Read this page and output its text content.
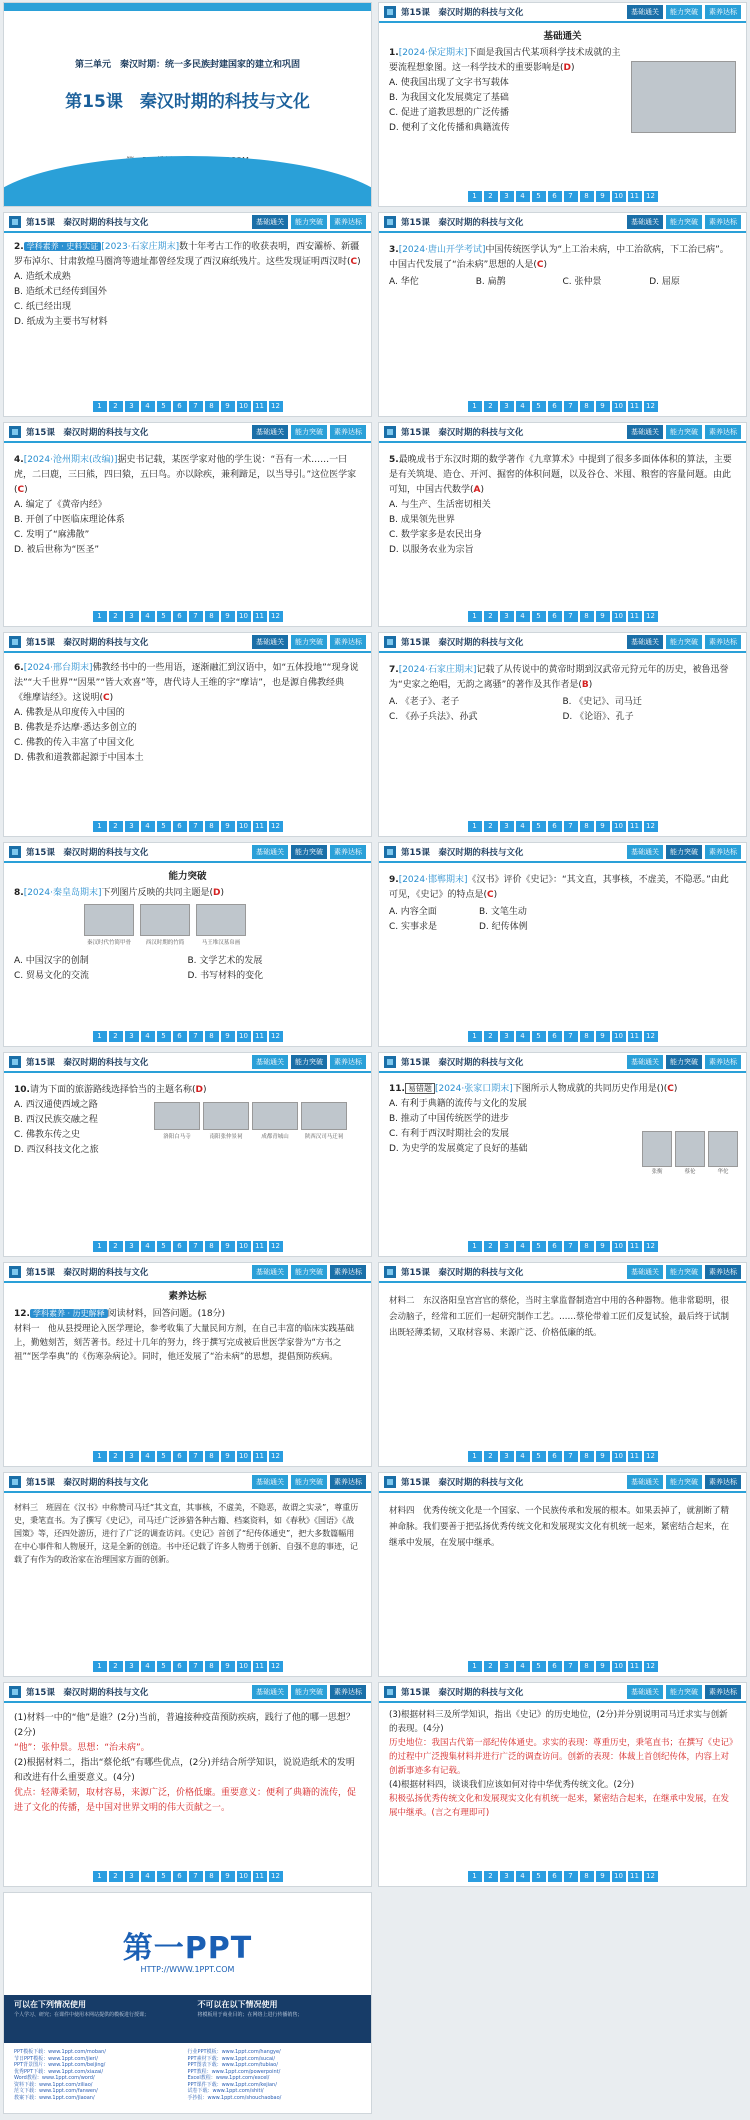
第三单元　秦汉时期：统一多民族封建国家的建立和巩固
第15课　秦汉时期的科技与文化
第15课　秦汉时期的科技与文化	基础通关	能力突破	素养达标
基础通关

1.[2024·保定期末]下面是我国古代某项科学技术成就的主要流程想象图。这一科学技术的重要影响是(D)

A. 使我国出现了文字书写载体

B. 为我国文化发展奠定了基础

C. 促进了道教思想的广泛传播

D. 便利了文化传播和典籍流传

1	2	3	4	5	6	7	8	9	10	11	12
第15课　秦汉时期的科技与文化	基础通关	能力突破	素养达标

2. 学科素养 · 史料实证 [2023·石家庄期末]数十年考古工作的收获表明，西安灞桥、新疆罗布淖尔、甘肃敦煌马圈湾等遗址都曾经发现了西汉麻纸残片。这些发现证明西汉时(C)

A. 造纸术成熟

B. 造纸术已经传到国外

C. 纸已经出现

D. 纸成为主要书写材料

1	2	3	4	5	6	7	8	9	10	11	12
第15课　秦汉时期的科技与文化	基础通关	能力突破	素养达标

3.[2024·唐山开学考试]中国传统医学认为“上工治未病，中工治欲病，下工治已病”。中国古代发展了“治未病”思想的人是(C)

A. 华佗	B. 扁鹊	C. 张仲景	D. 屈原
1	2	3	4	5	6	7	8	9	10	11	12
第15课　秦汉时期的科技与文化	基础通关	能力突破	素养达标

4.[2024·沧州期末(改编)]据史书记载，某医学家对他的学生说：“吾有一术……一曰虎，二曰鹿，三曰熊，四曰猿，五曰鸟。亦以除疾，兼利蹄足，以当导引。”这位医学家(C)

A. 编定了《黄帝内经》

B. 开创了中医临床理论体系

C. 发明了“麻沸散”

D. 被后世称为“医圣”

1	2	3	4	5	6	7	8	9	10	11	12
第15课　秦汉时期的科技与文化	基础通关	能力突破	素养达标

5.最晚成书于东汉时期的数学著作《九章算术》中提到了很多多面体体积的算法，主要是有关筑堤、造仓、开河、掘窖的体积问题，以及谷仓、米囤、粮窖的容量问题。由此可知，中国古代数学(A)

A. 与生产、生活密切相关

B. 成果领先世界

C. 数学家多是农民出身

D. 以服务农业为宗旨

1	2	3	4	5	6	7	8	9	10	11	12
第15课　秦汉时期的科技与文化	基础通关	能力突破	素养达标

6.[2024·邢台期末]佛教经书中的一些用语，逐渐融汇到汉语中，如“五体投地”“现身说法”“大千世界”“因果”“皆大欢喜”等，唐代诗人王维的字“摩诘”，也是源自佛教经典《维摩诘经》。这说明(C)

A. 佛教是从印度传入中国的

B. 佛教是乔达摩·悉达多创立的

C. 佛教的传入丰富了中国文化

D. 佛教和道教都起源于中国本土

1	2	3	4	5	6	7	8	9	10	11	12
第15课　秦汉时期的科技与文化	基础通关	能力突破	素养达标

7.[2024·石家庄期末]记载了从传说中的黄帝时期到汉武帝元狩元年的历史，被鲁迅誉为“史家之绝唱，无韵之离骚”的著作及其作者是(B)

A. 《老子》、老子	B. 《史记》、司马迁
C. 《孙子兵法》、孙武	D. 《论语》、孔子
1	2	3	4	5	6	7	8	9	10	11	12
第15课　秦汉时期的科技与文化	基础通关	能力突破	素养达标
能力突破

8.[2024·秦皇岛期末]下列图片反映的共同主题是(D)

秦汉时代竹简甲骨	西汉时期的竹简	马王堆汉墓帛画
A. 中国汉字的创制	B. 文学艺术的发展
C. 贸易文化的交流	D. 书写材料的变化
1	2	3	4	5	6	7	8	9	10	11	12
第15课　秦汉时期的科技与文化	基础通关	能力突破	素养达标

9.[2024·邯郸期末]《汉书》评价《史记》：“其文直，其事核，不虚美，不隐恶。”由此可见，《史记》的特点是(C)

A. 内容全面	B. 文笔生动
C. 实事求是	D. 纪传体例
1	2	3	4	5	6	7	8	9	10	11	12
第15课　秦汉时期的科技与文化	基础通关	能力突破	素养达标

10.请为下面的旅游路线选择恰当的主题名称(D)

A. 西汉通使西域之路

B. 西汉民族交融之程

C. 佛教东传之史

D. 西汉科技文化之旅

洛阳白马寺	南阳张仲景祠	成都青城山	陕西汉司马迁祠
1	2	3	4	5	6	7	8	9	10	11	12
第15课　秦汉时期的科技与文化	基础通关	能力突破	素养达标

11. 易错题 [2024·张家口期末]下图所示人物成就的共同历史作用是()(C)

A. 有利于典籍的流传与文化的发展

B. 推动了中国传统医学的进步

C. 有利于西汉时期社会的发展

D. 为史学的发展奠定了良好的基础

张衡	蔡伦	华佗
1	2	3	4	5	6	7	8	9	10	11	12
第15课　秦汉时期的科技与文化	基础通关	能力突破	素养达标
素养达标

12. 学科素养 · 历史解释 阅读材料，回答问题。(18分)

材料一　他从县授理论入医学理论，参考收集了大量民间方剂，在自己丰富的临床实践基础上，勤勉刻苦，刻苦著书。经过十几年的努力，终于撰写完成被后世医学家誉为“方书之祖”“医学奉典”的《伤寒杂病论》。同时，他还发展了“治未病”的思想，提倡预防疾病。

1	2	3	4	5	6	7	8	9	10	11	12
第15课　秦汉时期的科技与文化	基础通关	能力突破	素养达标

材料二　东汉洛阳皇宫宫官的蔡伦，当时主掌监督制造宫中用的各种器物。他非常聪明，很会动脑子，经常和工匠们一起研究制作工艺。……蔡伦带着工匠们反复试验，最后终于试制出既轻薄柔韧，又取材容易、来源广泛、价格低廉的纸。

1	2	3	4	5	6	7	8	9	10	11	12
第15课　秦汉时期的科技与文化	基础通关	能力突破	素养达标

材料三　班固在《汉书》中称赞司马迁“其文直，其事核，不虚美，不隐恶，故谓之实录”，尊重历史，秉笔直书。为了撰写《史记》，司马迁广泛涉猎各种古籍、档案资料，如《春秋》《国语》《战国策》等，还四处游历，进行了广泛的调查访问。《史记》首创了“纪传体通史”，把大多数篇幅用在中心事件和人物展开，这是全新的创造。书中还记载了许多人物勇于创新、自强不息的事迹，记载了有作为的政治家在治理国家方面的创新。

1	2	3	4	5	6	7	8	9	10	11	12
第15课　秦汉时期的科技与文化	基础通关	能力突破	素养达标

材料四　优秀传统文化是一个国家、一个民族传承和发展的根本。如果丢掉了，就割断了精神命脉。我们要善于把弘扬优秀传统文化和发展现实文化有机统一起来，紧密结合起来，在继承中发展，在发展中继承。

1	2	3	4	5	6	7	8	9	10	11	12
第15课　秦汉时期的科技与文化	基础通关	能力突破	素养达标

(1)材料一中的“他”是谁？(2分)当前，普遍接种疫苗预防疾病，践行了他的哪一思想？(2分)

“他”：张仲景。思想：“治未病”。

(2)根据材料二，指出“蔡伦纸”有哪些优点，(2分)并结合所学知识，说说造纸术的发明和改进有什么重要意义。(4分)

优点：轻薄柔韧，取材容易，来源广泛，价格低廉。重要意义：便利了典籍的流传，促进了文化的传播，是中国对世界文明的伟大贡献之一。

1	2	3	4	5	6	7	8	9	10	11	12
第15课　秦汉时期的科技与文化	基础通关	能力突破	素养达标

(3)根据材料三及所学知识，指出《史记》的历史地位，(2分)并分别说明司马迁求实与创新的表现。(4分)

历史地位：我国古代第一部纪传体通史。求实的表现：尊重历史，秉笔直书；在撰写《史记》的过程中广泛搜集材料并进行广泛的调查访问。创新的表现：体裁上首创纪传体，内容上对创新事迹多有记载。

(4)根据材料四，谈谈我们应该如何对待中华优秀传统文化。(2分)

积极弘扬优秀传统文化和发展现实文化有机统一起来，紧密结合起来，在继承中发展，在发展中继承。(言之有理即可)

1	2	3	4	5	6	7	8	9	10	11	12
第一PPT
HTTP://WWW.1PPT.COM
可以在下列情况使用
个人学习、研究；在课件中使用本网站提供的模板进行授课；
不可以在以下情况使用
将模板用于商业目的；在网络上进行传播销售；
PPT模板下载：www.1ppt.com/moban/	行业PPT模板：www.1ppt.com/hangye/
节日PPT模板：www.1ppt.com/jieri/	PPT素材下载：www.1ppt.com/sucai/
PPT背景图片：www.1ppt.com/beijing/	PPT图表下载：www.1ppt.com/tubiao/
优秀PPT下载：www.1ppt.com/xiazai/	PPT教程：www.1ppt.com/powerpoint/
Word教程：www.1ppt.com/word/	Excel教程：www.1ppt.com/excel/
资料下载：www.1ppt.com/ziliao/	PPT课件下载：www.1ppt.com/kejian/
范文下载：www.1ppt.com/fanwen/	试卷下载：www.1ppt.com/shiti/
教案下载：www.1ppt.com/jiaoan/	手抄报：www.1ppt.com/shouchaobao/
